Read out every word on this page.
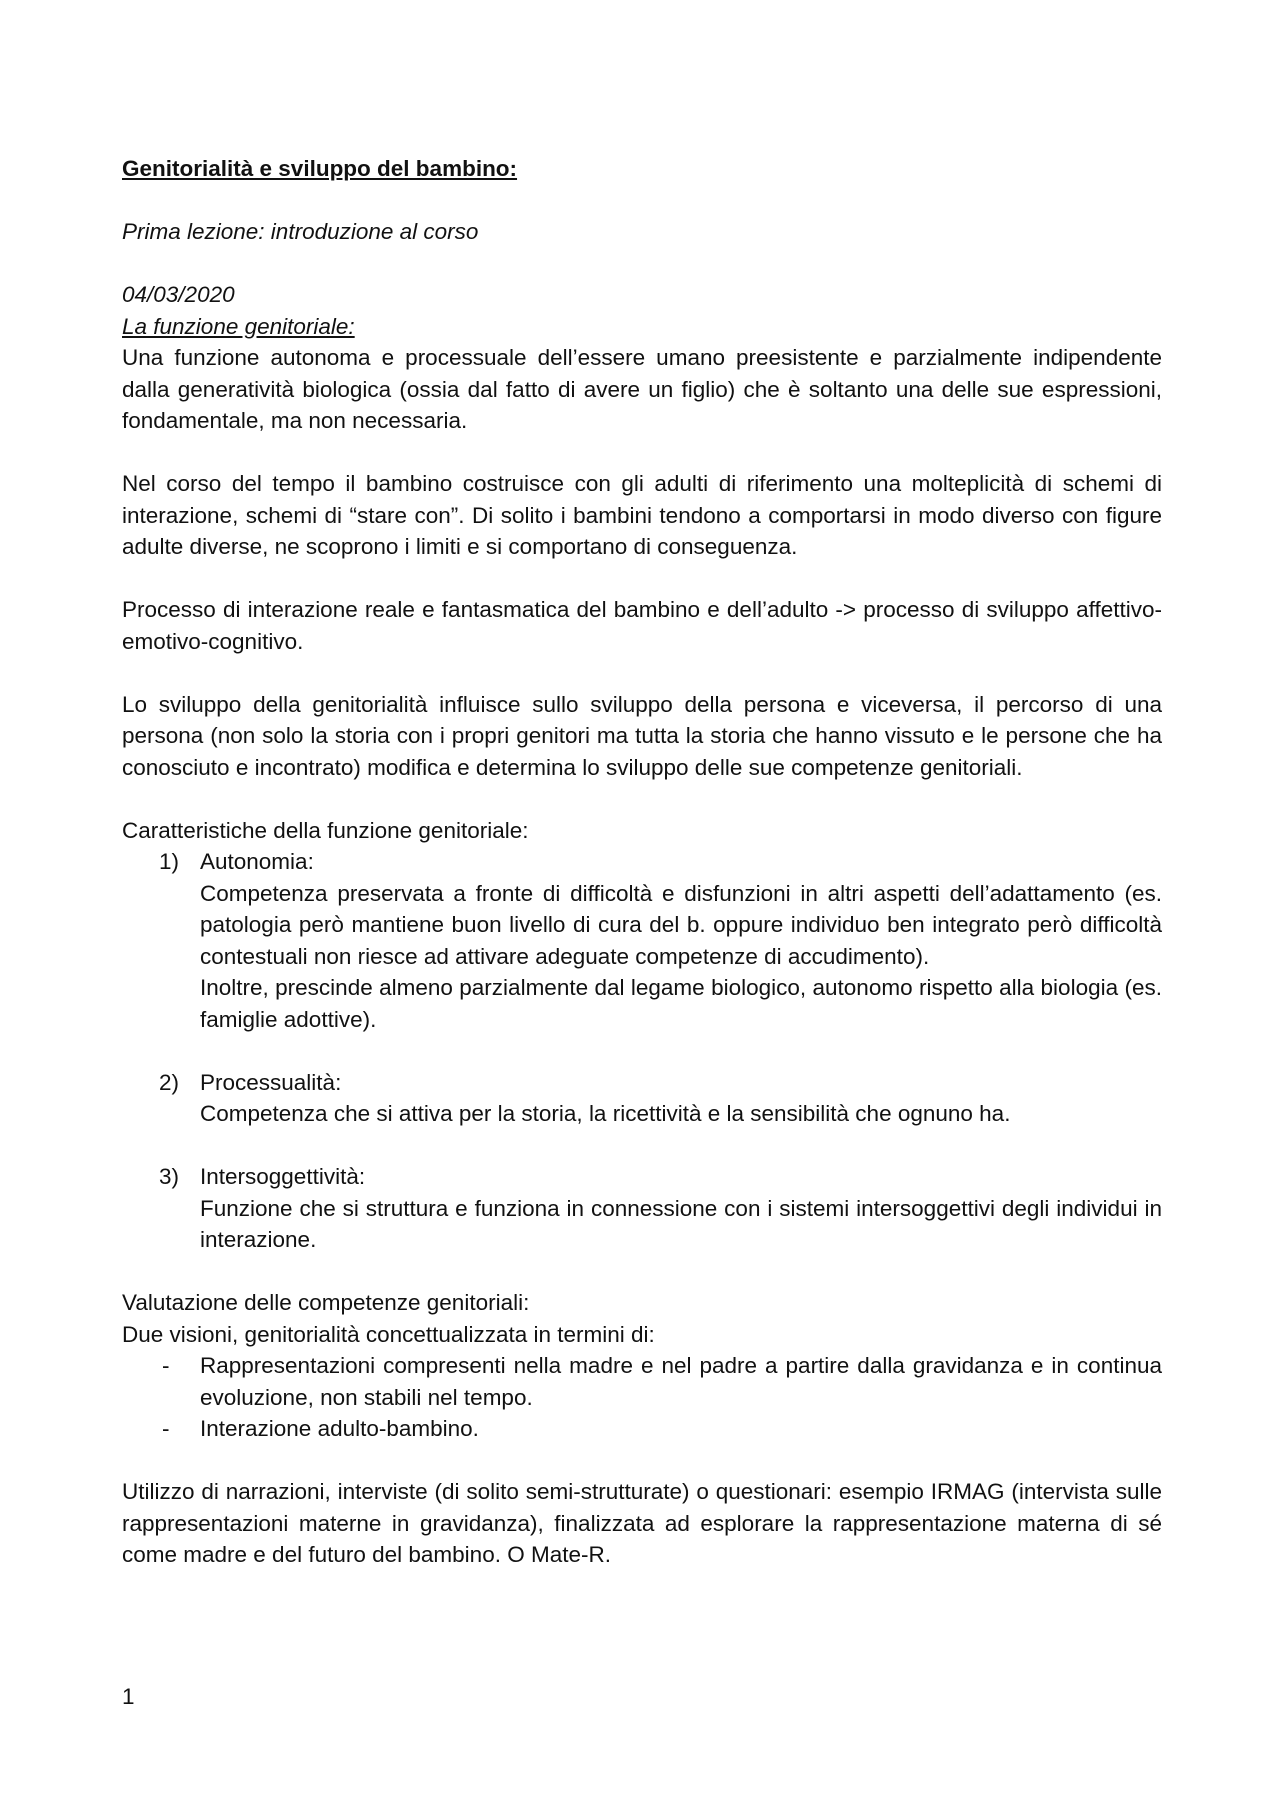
Genitorialità e sviluppo del bambino:

Prima lezione: introduzione al corso

04/03/2020

La funzione genitoriale:

Una funzione autonoma e processuale dell’essere umano preesistente e parzialmente indipendente dalla generatività biologica (ossia dal fatto di avere un figlio) che è soltanto una delle sue espressioni, fondamentale, ma non necessaria.

Nel corso del tempo il bambino costruisce con gli adulti di riferimento una molteplicità di schemi di interazione, schemi di “stare con”. Di solito i bambini tendono a comportarsi in modo diverso con figure adulte diverse, ne scoprono i limiti e si comportano di conseguenza.

Processo di interazione reale e fantasmatica del bambino e dell’adulto -> processo di sviluppo affettivo-emotivo-cognitivo.

Lo sviluppo della genitorialità influisce sullo sviluppo della persona e viceversa, il percorso di una persona (non solo la storia con i propri genitori ma tutta la storia che hanno vissuto e le persone che ha conosciuto e incontrato) modifica e determina lo sviluppo delle sue competenze genitoriali.

Caratteristiche della funzione genitoriale:

1) Autonomia:

Competenza preservata a fronte di difficoltà e disfunzioni in altri aspetti dell’adattamento (es. patologia però mantiene buon livello di cura del b. oppure individuo ben integrato però difficoltà contestuali non riesce ad attivare adeguate competenze di accudimento).

Inoltre, prescinde almeno parzialmente dal legame biologico, autonomo rispetto alla biologia (es. famiglie adottive).

2) Processualità:

Competenza che si attiva per la storia, la ricettività e la sensibilità che ognuno ha.

3) Intersoggettività:

Funzione che si struttura e funziona in connessione con i sistemi intersoggettivi degli individui in interazione.

Valutazione delle competenze genitoriali:

Due visioni, genitorialità concettualizzata in termini di:

- Rappresentazioni compresenti nella madre e nel padre a partire dalla gravidanza e in continua evoluzione, non stabili nel tempo.
- Interazione adulto-bambino.

Utilizzo di narrazioni, interviste (di solito semi-strutturate) o questionari: esempio IRMAG (intervista sulle rappresentazioni materne in gravidanza), finalizzata ad esplorare la rappresentazione materna di sé come madre e del futuro del bambino. O Mate-R.

1
